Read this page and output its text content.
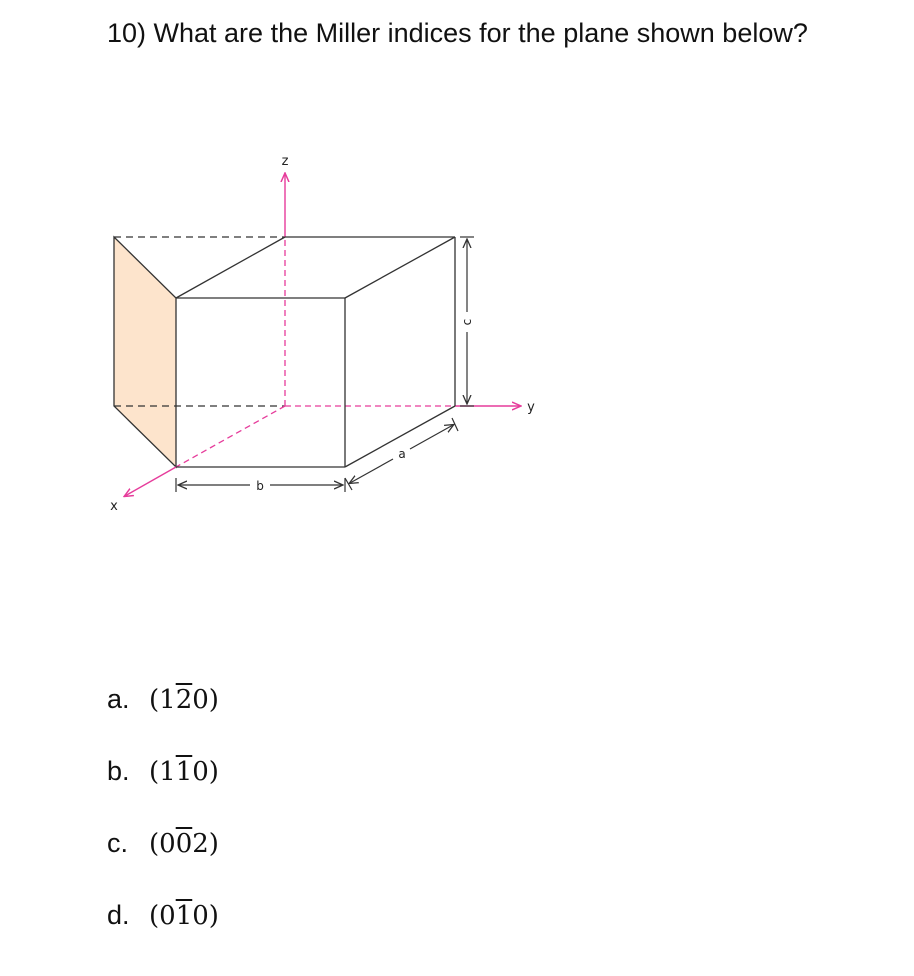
10) What are the Miller indices for the plane shown below?
c
b
a
z
y
x
a. (120)
b. (110)
c. (002)
d. (010)
